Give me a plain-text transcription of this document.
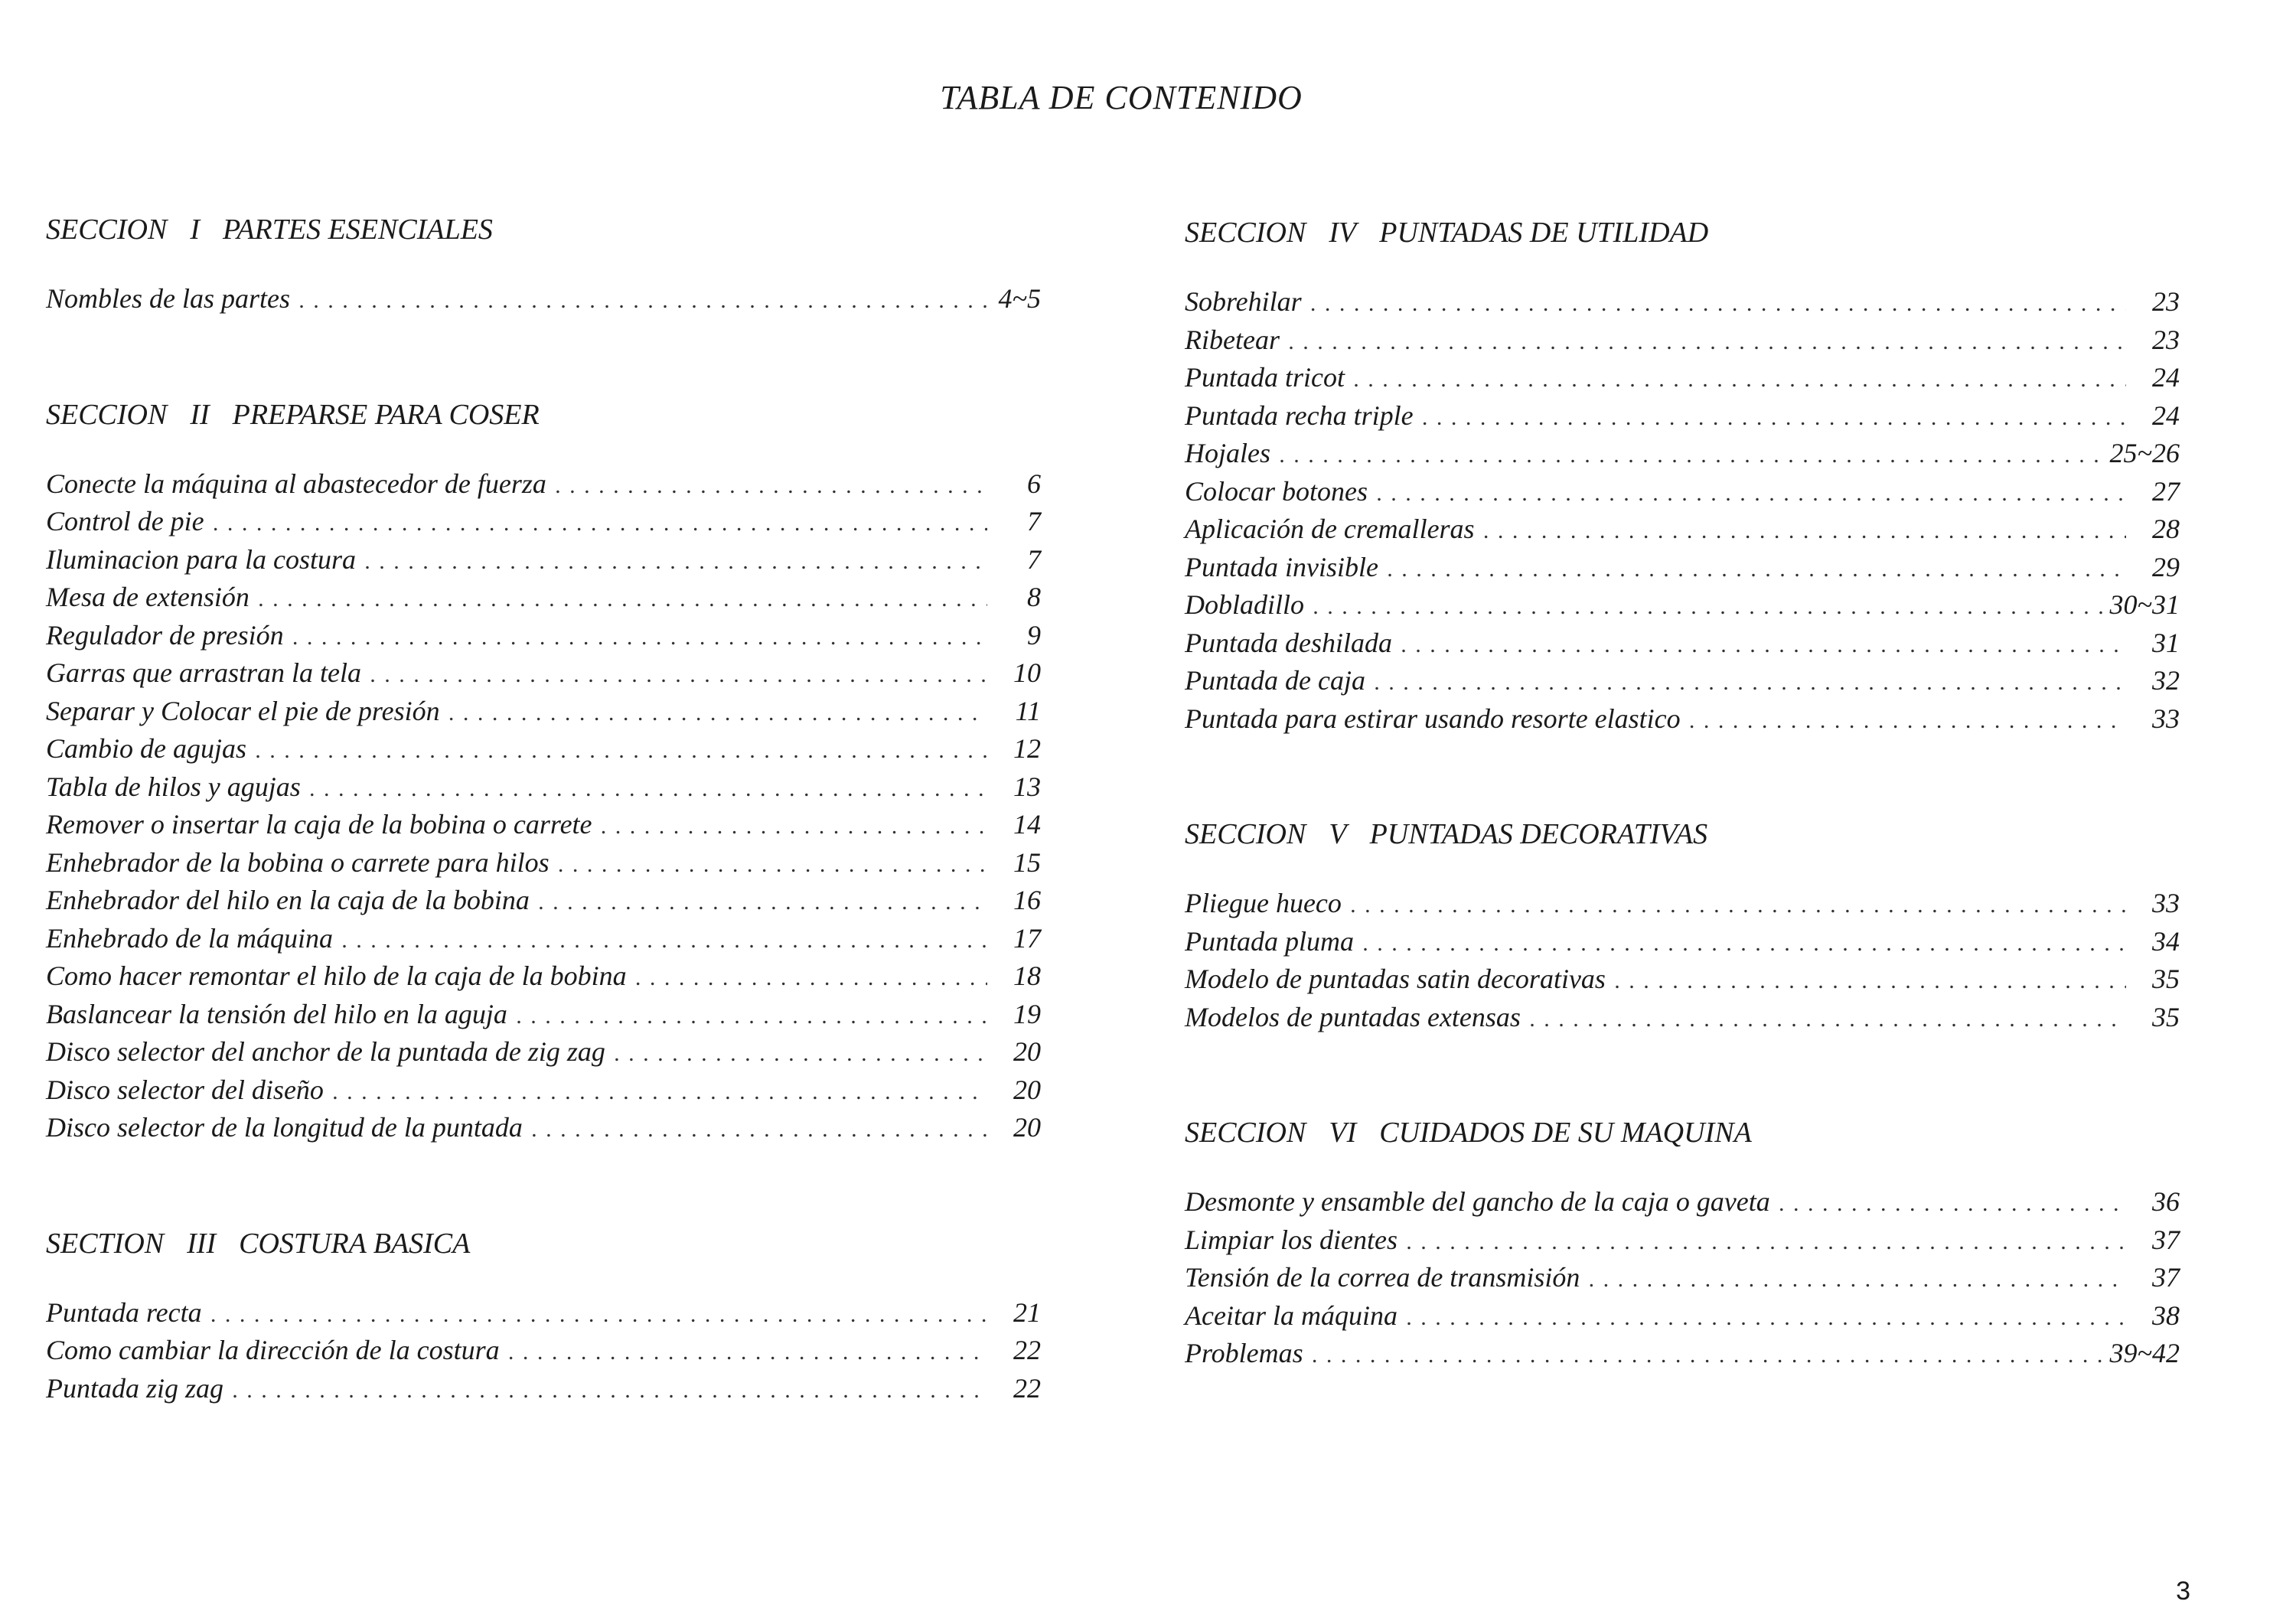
TABLA DE CONTENIDO
SECCION I PARTES ESENCIALES
Nombles de las partes . . .	4~5
SECCION II PREPARSE PARA COSER
Conecte la máquina al abastecedor de fuerza . . .	6
Control de pie . . .	7
Iluminacion para la costura . . .	7
Mesa de extensión . . .	8
Regulador de presión . . .	9
Garras que arrastran la tela . . .	10
Separar y Colocar el pie de presión . . .	11
Cambio de agujas . . .	12
Tabla de hilos y agujas . . .	13
Remover o insertar la caja de la bobina o carrete . . .	14
Enhebrador de la bobina o carrete para hilos . . .	15
Enhebrador del hilo en la caja de la bobina . . .	16
Enhebrado de la máquina . . .	17
Como hacer remontar el hilo de la caja de la bobina . . .	18
Baslancear la tensión del hilo en la aguja . . .	19
Disco selector del anchor de la puntada de zig zag . . .	20
Disco selector del diseño . . .	20
Disco selector de la longitud de la puntada . . .	20
SECTION III COSTURA BASICA
Puntada recta . . .	21
Como cambiar la dirección de la costura . . .	22
Puntada zig zag . . .	22
SECCION IV PUNTADAS DE UTILIDAD
Sobrehilar . . .	23
Ribetear . . .	23
Puntada tricot . . .	24
Puntada recha triple . . .	24
Hojales . . .	25~26
Colocar botones . . .	27
Aplicación de cremalleras . . .	28
Puntada invisible . . .	29
Dobladillo . . .	30~31
Puntada deshilada . . .	31
Puntada de caja . . .	32
Puntada para estirar usando resorte elastico . . .	33
SECCION V PUNTADAS DECORATIVAS
Pliegue hueco . . .	33
Puntada pluma . . .	34
Modelo de puntadas satin decorativas . . .	35
Modelos de puntadas extensas . . .	35
SECCION VI CUIDADOS DE SU MAQUINA
Desmonte y ensamble del gancho de la caja o gaveta . . .	36
Limpiar los dientes . . .	37
Tensión de la correa de transmisión . . .	37
Aceitar la máquina . . .	38
Problemas . . .	39~42
3
